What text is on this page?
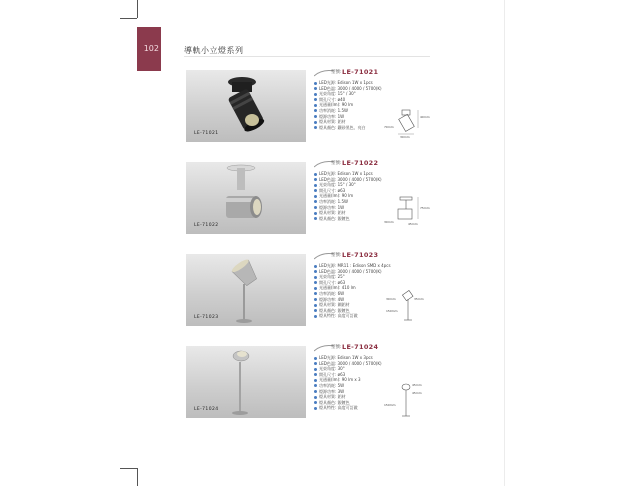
102	導軌小立燈系列
LE-71021
型號: LE-71021
LED光源: Edison 1W x 1pcs
LED色溫: 3000 / 4000 / 5700(K)
光束角度: 15° / 30°
開孔尺寸: ø40
光通量(lm): 90 lm
功率消耗: 1.5W
燈源功率: 1W
燈具材質: 鋁材
燈具顏色: 鐵砂黑色、亮白
40mm
70mm
30mm
LE-71022
型號: LE-71022
LED光源: Edison 1W x 1pcs
LED色溫: 3000 / 4000 / 5700(K)
光束角度: 15° / 30°
開孔尺寸: ø63
光通量(lm): 90 lm
功率消耗: 1.5W
燈源功率: 1W
燈具材質: 鋁材
燈具顏色: 銀鍍色
75mm
30mm	45mm
LE-71023
型號: LE-71023
LED光源: MR11 : Edison SMD x 4pcs
LED色溫: 3000 / 4000 / 5700(K)
光束角度: 25°
開孔尺寸: ø63
光通量(lm): 410 lm
功率消耗: 6W
燈源功率: 4W
燈具材質: 鋼鋁材
燈具顏色: 銀鍍色
燈具特性: 高度可訂做
30mm	35mm
150mm
LE-71024
型號: LE-71024
LED光源: Edison 1W x 3pcs
LED色溫: 3000 / 4000 / 5700(K)
光束角度: 30°
開孔尺寸: ø63
光通量(lm): 90 lm x 3
功率消耗: 5W
燈源功率: 3W
燈具材質: 鋁材
燈具顏色: 銀鍍色
燈具特性: 高度可訂做
45mm
45mm
150mm
